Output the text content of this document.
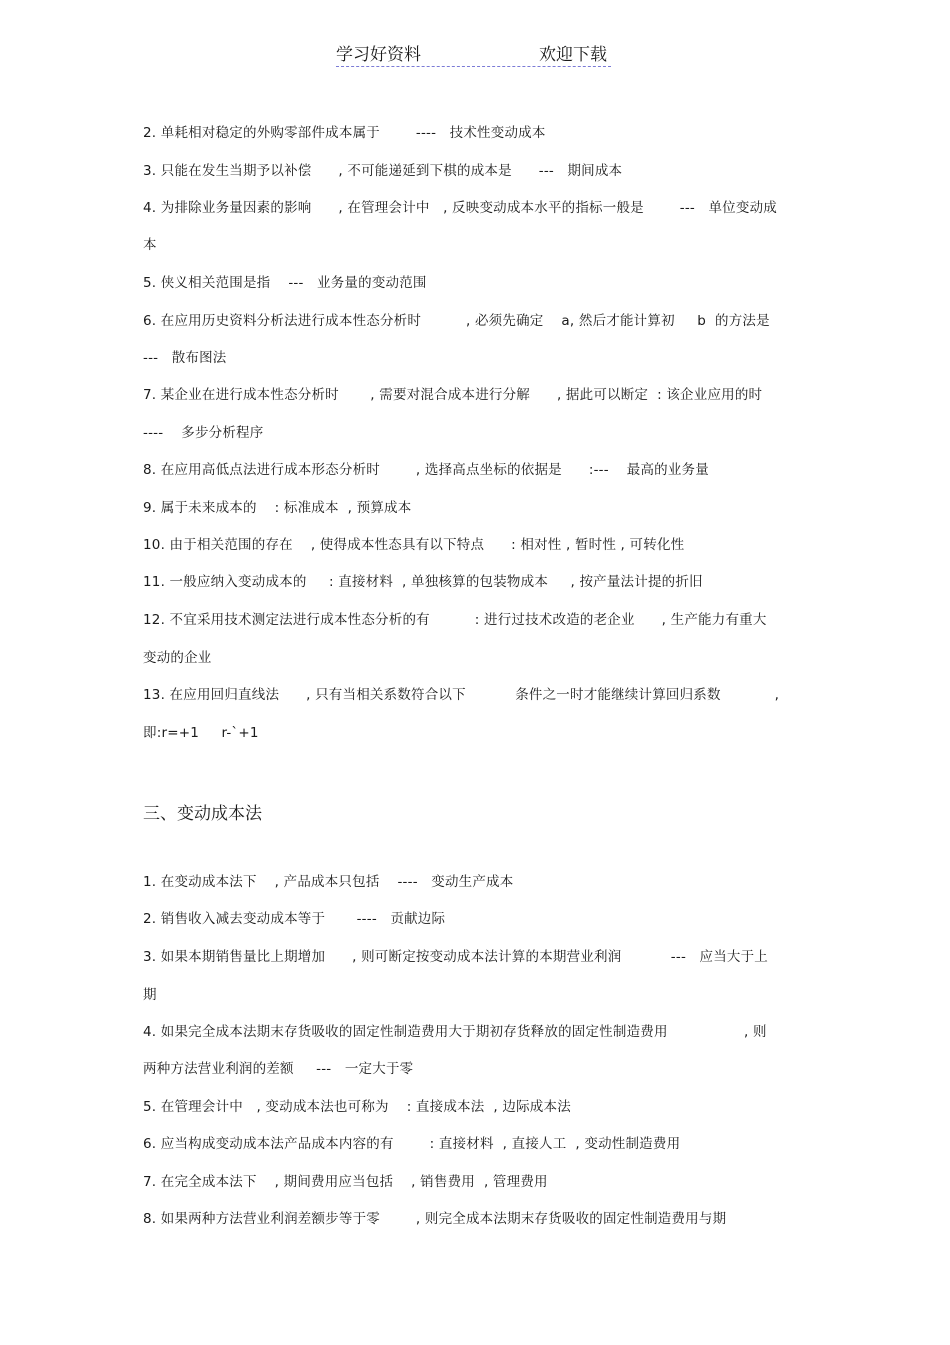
学习好资料	欢迎下载
2. 单耗相对稳定的外购零部件成本属于        ----   技术性变动成本
3. 只能在发生当期予以补偿      , 不可能递延到下棋的成本是      ---   期间成本
4. 为排除业务量因素的影响      , 在管理会计中   , 反映变动成本水平的指标一般是        ---   单位变动成
本
5. 侠义相关范围是指    ---   业务量的变动范围
6. 在应用历史资料分析法进行成本性态分析时          , 必须先确定    a, 然后才能计算初     b  的方法是
---   散布图法
7. 某企业在进行成本性态分析时       , 需要对混合成本进行分解      , 据此可以断定  : 该企业应用的时
----    多步分析程序
8. 在应用高低点法进行成本形态分析时        , 选择高点坐标的依据是      :---    最高的业务量
9. 属于未来成本的    : 标准成本  , 预算成本
10. 由于相关范围的存在    , 使得成本性态具有以下特点      : 相对性 , 暂时性 , 可转化性
11. 一般应纳入变动成本的     : 直接材料  , 单独核算的包装物成本     , 按产量法计提的折旧
12. 不宜采用技术测定法进行成本性态分析的有          : 进行过技术改造的老企业      , 生产能力有重大
变动的企业
13. 在应用回归直线法      , 只有当相关系数符合以下           条件之一时才能继续计算回归系数            ,
即:r=+1     r-`+1
三、变动成本法
1. 在变动成本法下    , 产品成本只包括    ----   变动生产成本
2. 销售收入减去变动成本等于       ----   贡献边际
3. 如果本期销售量比上期增加      , 则可断定按变动成本法计算的本期营业利润           ---   应当大于上
期
4. 如果完全成本法期末存货吸收的固定性制造费用大于期初存货释放的固定性制造费用                 , 则
两种方法营业利润的差额     ---   一定大于零
5. 在管理会计中   , 变动成本法也可称为    : 直接成本法  , 边际成本法
6. 应当构成变动成本法产品成本内容的有        : 直接材料  , 直接人工  , 变动性制造费用
7. 在完全成本法下    , 期间费用应当包括    , 销售费用  , 管理费用
8. 如果两种方法营业利润差额步等于零        , 则完全成本法期末存货吸收的固定性制造费用与期
